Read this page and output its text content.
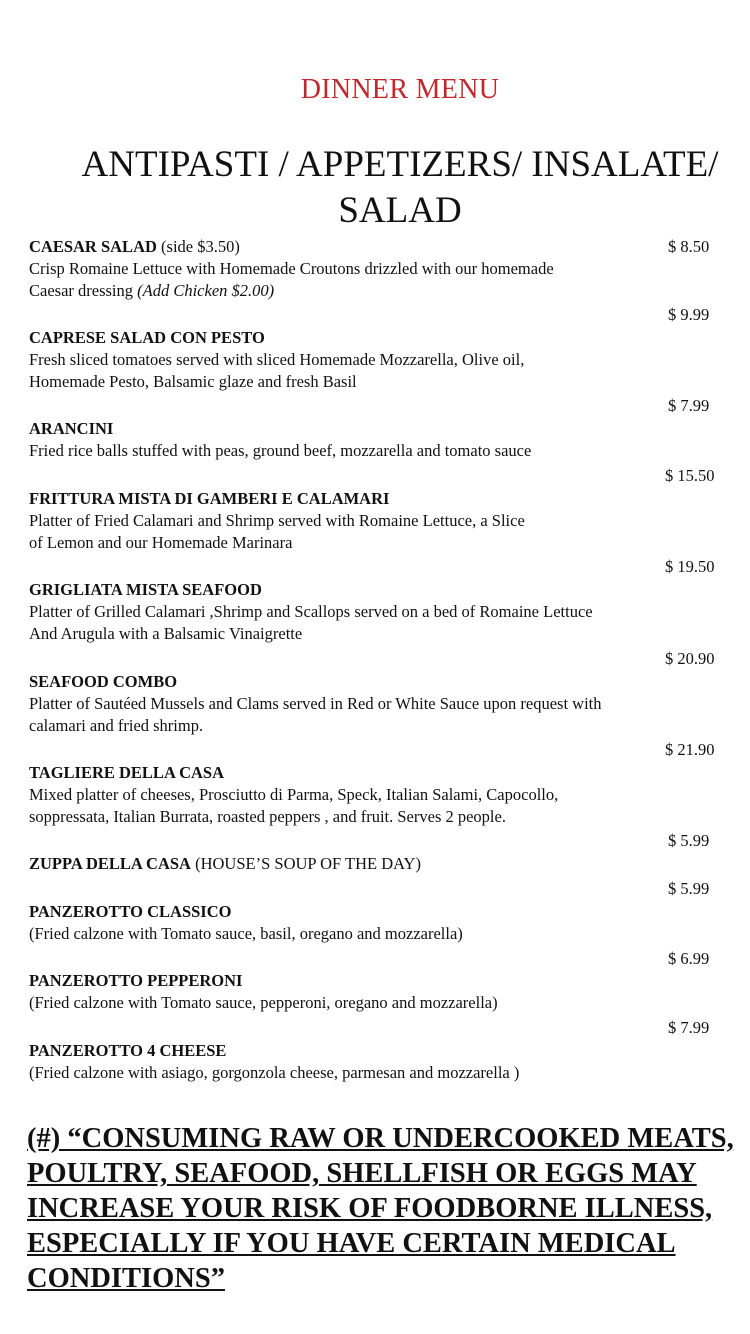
DINNER MENU
ANTIPASTI / APPETIZERS/ INSALATE/
SALAD
CAESAR SALAD (side $3.50)	$ 8.50
Crisp Romaine Lettuce with Homemade Croutons drizzled with our homemade
Caesar dressing (Add Chicken $2.00)
CAPRESE SALAD CON PESTO
$ 9.99
Fresh sliced tomatoes served with sliced Homemade Mozzarella, Olive oil,
Homemade Pesto, Balsamic glaze and fresh Basil
ARANCINI
$ 7.99
Fried rice balls stuffed with peas, ground beef, mozzarella and tomato sauce
FRITTURA MISTA DI GAMBERI E CALAMARI
$ 15.50
Platter of Fried Calamari and Shrimp served with Romaine Lettuce, a Slice
of Lemon and our Homemade Marinara
GRIGLIATA MISTA SEAFOOD
$ 19.50
Platter of Grilled Calamari ,Shrimp and Scallops served on a bed of Romaine Lettuce
And Arugula with a Balsamic Vinaigrette
SEAFOOD COMBO
$ 20.90
Platter of Sautéed Mussels and Clams served in Red or White Sauce upon request with
calamari and fried shrimp.
TAGLIERE DELLA CASA
$ 21.90
Mixed platter of cheeses, Prosciutto di Parma, Speck, Italian Salami, Capocollo,
soppressata, Italian Burrata, roasted peppers , and fruit. Serves 2 people.
ZUPPA DELLA CASA (HOUSE’S SOUP OF THE DAY)
$ 5.99
PANZEROTTO CLASSICO
$ 5.99
(Fried calzone with Tomato sauce, basil, oregano and mozzarella)
PANZEROTTO PEPPERONI
$ 6.99
(Fried calzone with Tomato sauce, pepperoni, oregano and mozzarella)
PANZEROTTO 4 CHEESE
$ 7.99
(Fried calzone with asiago, gorgonzola cheese, parmesan and mozzarella )
(#) “CONSUMING RAW OR UNDERCOOKED MEATS,
POULTRY, SEAFOOD, SHELLFISH OR EGGS MAY
INCREASE YOUR RISK OF FOODBORNE ILLNESS,
ESPECIALLY IF YOU HAVE CERTAIN MEDICAL
CONDITIONS”
